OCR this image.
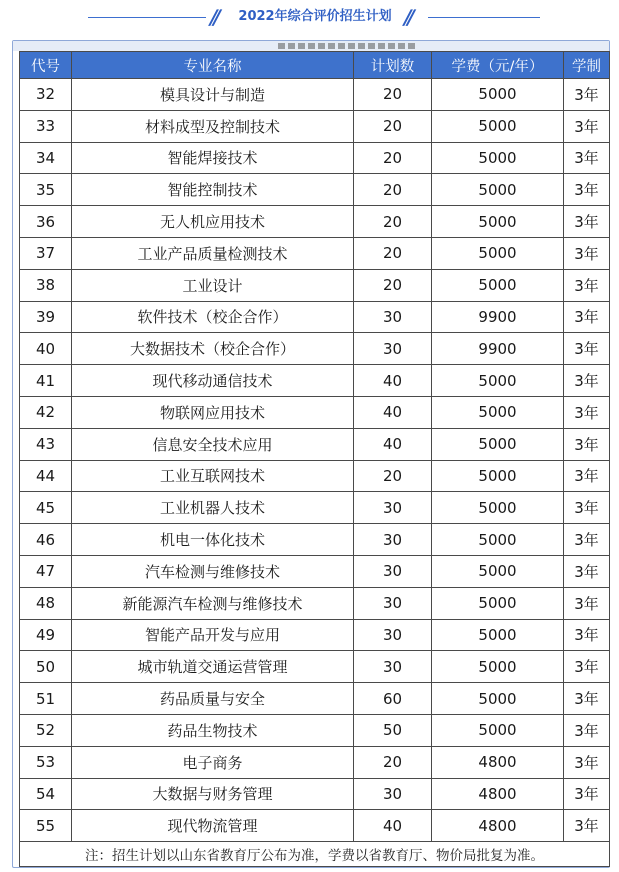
//	2022年综合评价招生计划 //
代号	专业名称	计划数	学费（元/年）	学制
32	模具设计与制造	20	5000	3年
33	材料成型及控制技术	20	5000	3年
34	智能焊接技术	20	5000	3年
35	智能控制技术	20	5000	3年
36	无人机应用技术	20	5000	3年
37	工业产品质量检测技术	20	5000	3年
38	工业设计	20	5000	3年
39	软件技术（校企合作）	30	9900	3年
40	大数据技术（校企合作）	30	9900	3年
41	现代移动通信技术	40	5000	3年
42	物联网应用技术	40	5000	3年
43	信息安全技术应用	40	5000	3年
44	工业互联网技术	20	5000	3年
45	工业机器人技术	30	5000	3年
46	机电一体化技术	30	5000	3年
47	汽车检测与维修技术	30	5000	3年
48	新能源汽车检测与维修技术	30	5000	3年
49	智能产品开发与应用	30	5000	3年
50	城市轨道交通运营管理	30	5000	3年
51	药品质量与安全	60	5000	3年
52	药品生物技术	50	5000	3年
53	电子商务	20	4800	3年
54	大数据与财务管理	30	4800	3年
55	现代物流管理	40	4800	3年
注：招生计划以山东省教育厅公布为准，学费以省教育厅、物价局批复为准。				
